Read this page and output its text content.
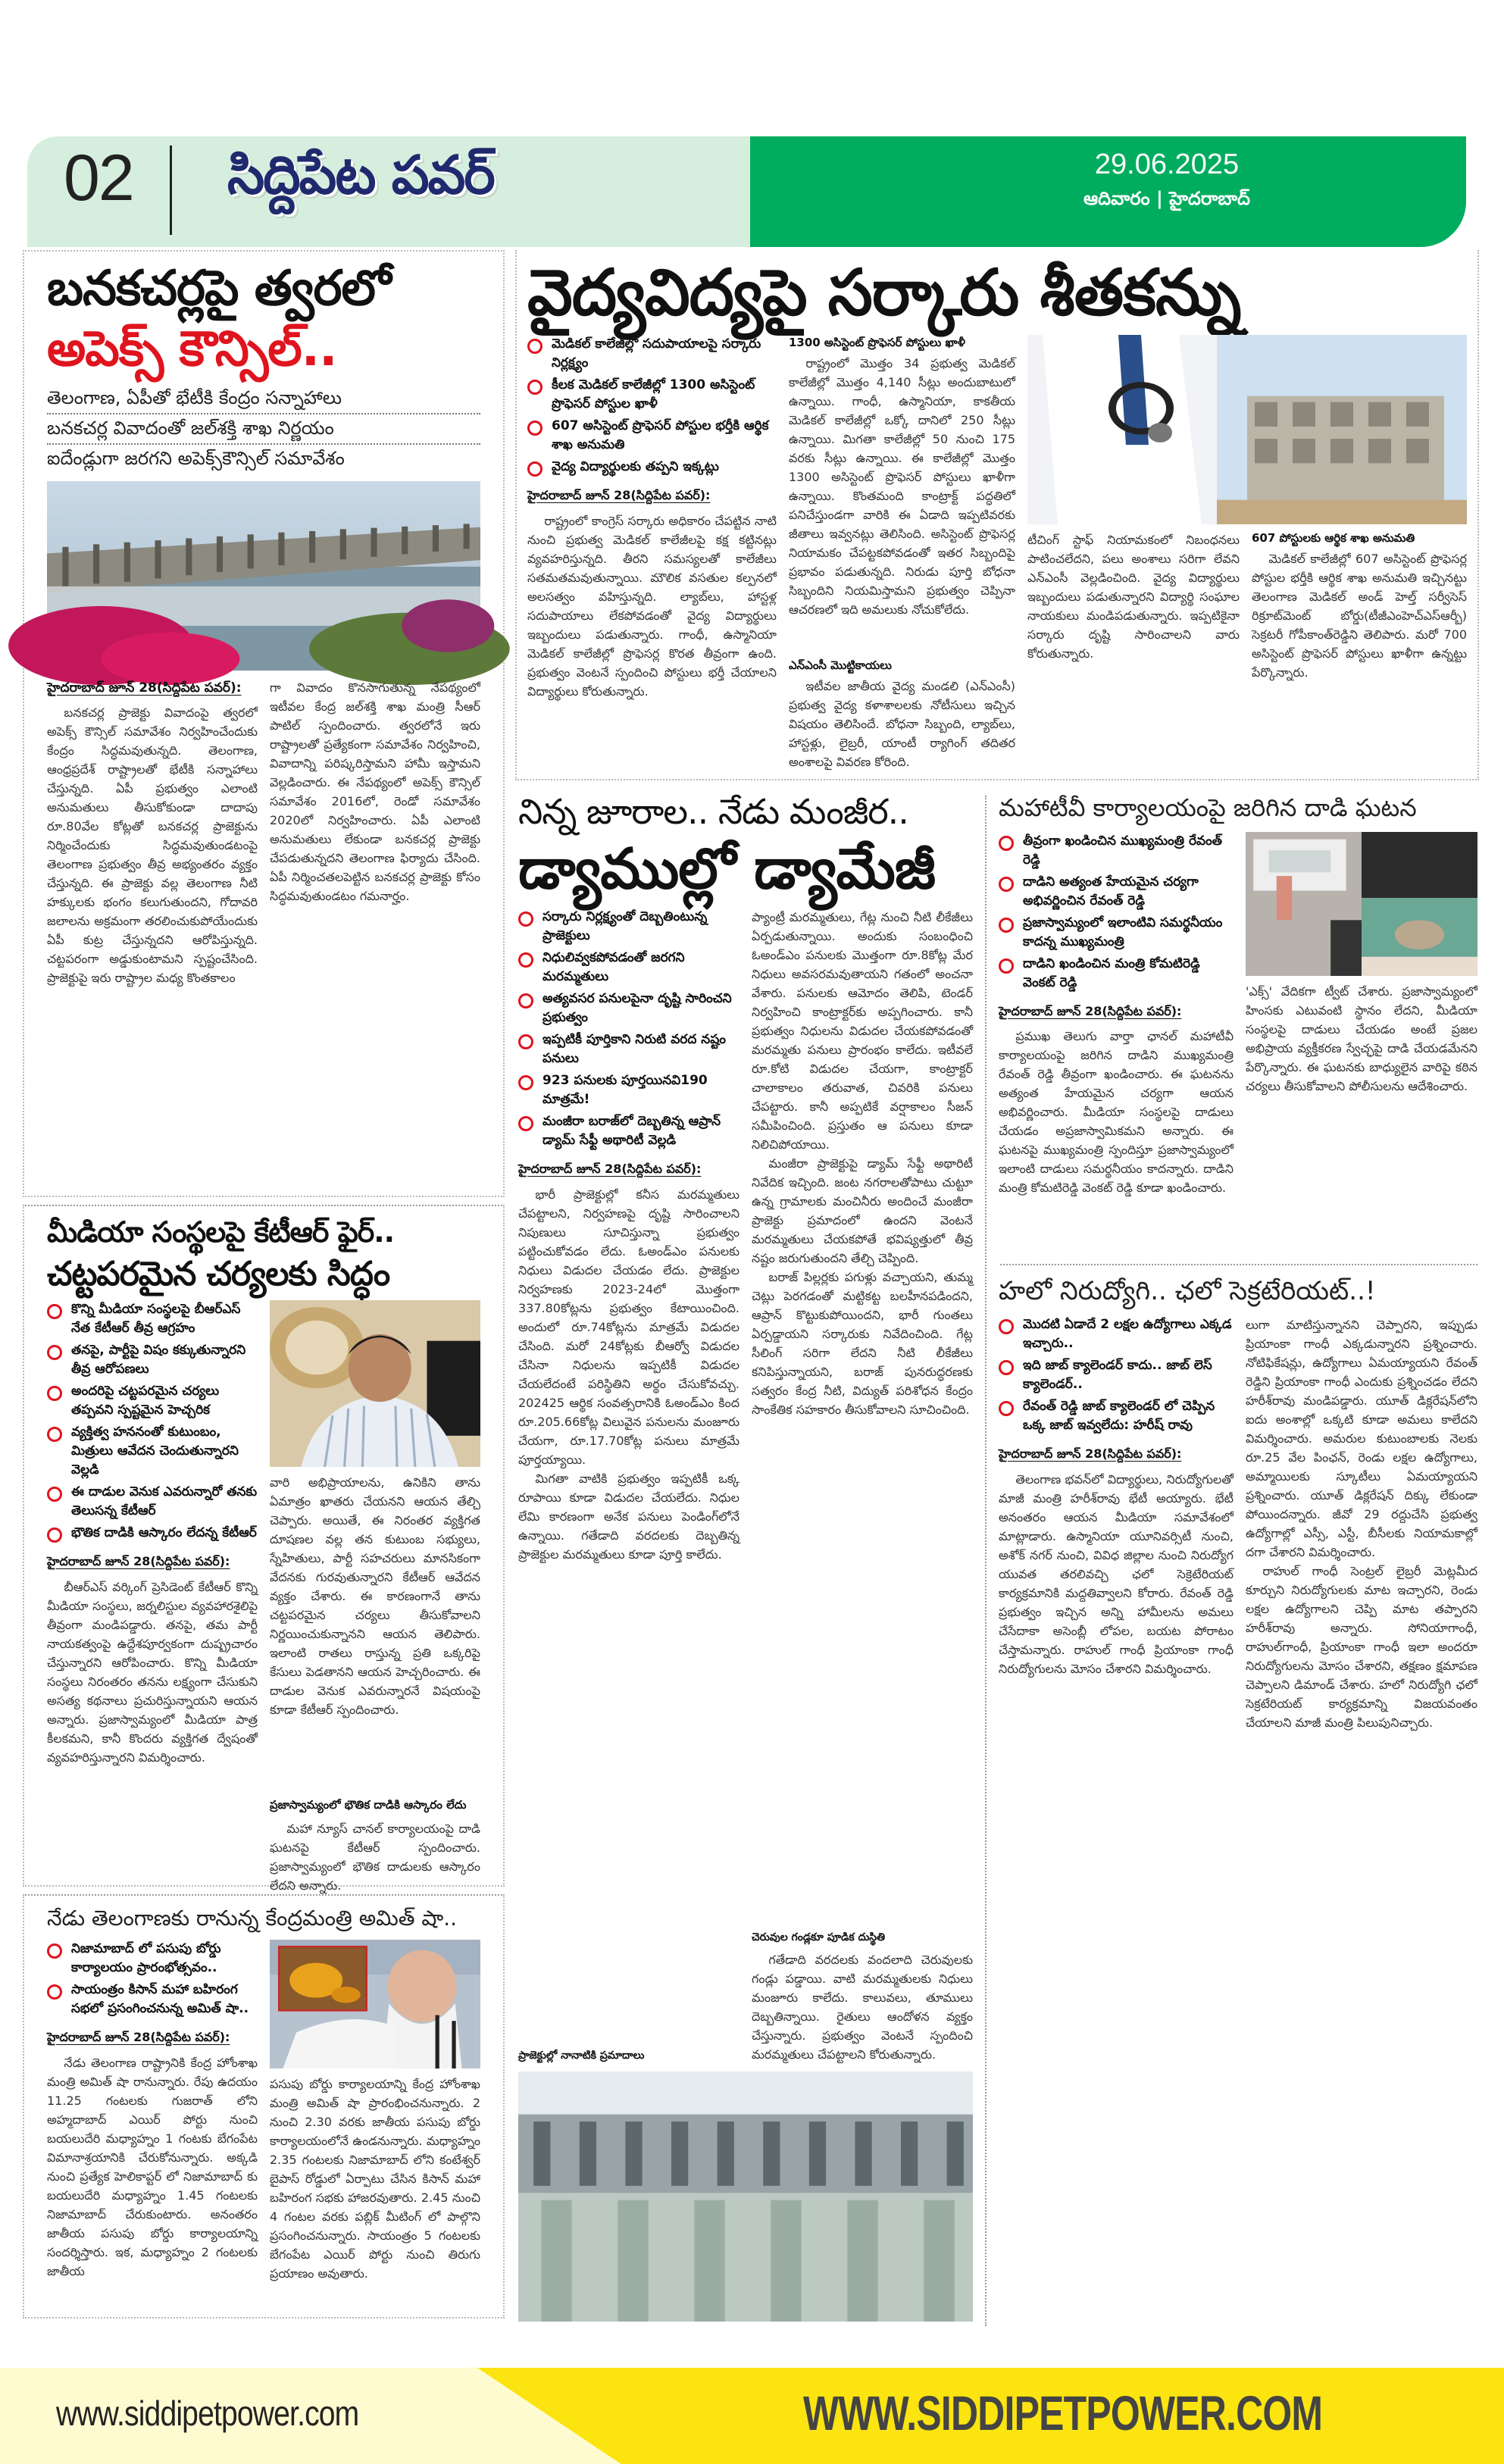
02 సిద్దిపేట పవర్	29.06.2025
ఆదివారం | హైదరాబాద్
బనకచర్లపై త్వరలో
అపెక్స్ కౌన్సిల్..
తెలంగాణ, ఏపీతో భేటీకి కేంద్రం సన్నాహాలు
బనకచర్ల వివాదంతో జల్‌శక్తి శాఖ నిర్ణయం
ఐదేండ్లుగా జరగని అపెక్స్‌కౌన్సిల్ సమావేశం
హైదరాబాద్ జూన్ 28(సిద్దిపేట పవర్):

బనకచర్ల ప్రాజెక్టు వివాదంపై త్వరలో అపెక్స్ కౌన్సిల్ సమావేశం నిర్వహించేందుకు కేంద్రం సిద్ధమవుతున్నది. తెలంగాణ, ఆంధ్రప్రదేశ్ రాష్ట్రాలతో భేటీకి సన్నాహాలు చేస్తున్నది. ఏపీ ప్రభుత్వం ఎలాంటి అనుమతులు తీసుకోకుండా దాదాపు రూ.80వేల కోట్లతో బనకచర్ల ప్రాజెక్టును నిర్మించేందుకు సిద్ధమవుతుండటంపై తెలంగాణ ప్రభుత్వం తీవ్ర అభ్యంతరం వ్యక్తం చేస్తున్నది. ఈ ప్రాజెక్టు వల్ల తెలంగాణ నీటి హక్కులకు భంగం కలుగుతుందని, గోదావరి జలాలను అక్రమంగా తరలించుకుపోయేందుకు ఏపీ కుట్ర చేస్తున్నదని ఆరోపిస్తున్నది. చట్టపరంగా అడ్డుకుంటామని స్పష్టంచేసింది. ప్రాజెక్టుపై ఇరు రాష్ట్రాల మధ్య కొంతకాలం

గా వివాదం కొనసాగుతున్న నేపథ్యంలో ఇటీవల కేంద్ర జల్‌శక్తి శాఖ మంత్రి సీఆర్ పాటిల్ స్పందించారు. త్వరలోనే ఇరు రాష్ట్రాలతో ప్రత్యేకంగా సమావేశం నిర్వహించి, వివాదాన్ని పరిష్కరిస్తామని హామీ ఇస్తామని వెల్లడించారు. ఈ నేపథ్యంలో అపెక్స్ కౌన్సిల్ సమావేశం 2016లో, రెండో సమావేశం 2020లో నిర్వహించారు. ఏపీ ఎలాంటి అనుమతులు లేకుండా బనకచర్ల ప్రాజెక్టు చేపడుతున్నదని తెలంగాణ ఫిర్యాదు చేసింది. ఏపీ నిర్మించతలపెట్టిన బనకచర్ల ప్రాజెక్టు కోసం సిద్ధమవుతుండటం గమనార్హం.

మీడియా సంస్థలపై కేటీఆర్ ఫైర్..
చట్టపరమైన చర్యలకు సిద్ధం
కొన్ని మీడియా సంస్థలపై బీఆర్ఎస్ నేత కేటీఆర్ తీవ్ర ఆగ్రహం
తనపై, పార్టీపై విషం కక్కుతున్నారని తీవ్ర ఆరోపణలు
అందరిపై చట్టపరమైన చర్యలు తప్పవని స్పష్టమైన హెచ్చరిక
వ్యక్తిత్వ హననంతో కుటుంబం, మిత్రులు ఆవేదన చెందుతున్నారని వెల్లడి
ఈ దాడుల వెనుక ఎవరున్నారో తనకు తెలుసన్న కేటీఆర్
భౌతిక దాడికి ఆస్కారం లేదన్న కేటీఆర్
హైదరాబాద్ జూన్ 28(సిద్దిపేట పవర్):

బీఆర్ఎస్ వర్కింగ్ ప్రెసిడెంట్ కేటీఆర్ కొన్ని మీడియా సంస్థలు, జర్నలిస్టుల వ్యవహారశైలిపై తీవ్రంగా మండిపడ్డారు. తనపై, తమ పార్టీ నాయకత్వంపై ఉద్దేశపూర్వకంగా దుష్ప్రచారం చేస్తున్నారని ఆరోపించారు. కొన్ని మీడియా సంస్థలు నిరంతరం తనను లక్ష్యంగా చేసుకుని అసత్య కథనాలు ప్రచురిస్తున్నాయని ఆయన అన్నారు. ప్రజాస్వామ్యంలో మీడియా పాత్ర కీలకమని, కానీ కొందరు వ్యక్తిగత ద్వేషంతో వ్యవహరిస్తున్నారని విమర్శించారు.

వారి అభిప్రాయాలను, ఉనికిని తాను ఏమాత్రం ఖాతరు చేయనని ఆయన తేల్చి చెప్పారు. అయితే, ఈ నిరంతర వ్యక్తిగత దూషణల వల్ల తన కుటుంబ సభ్యులు, స్నేహితులు, పార్టీ సహచరులు మానసికంగా వేదనకు గురవుతున్నారని కేటీఆర్ ఆవేదన వ్యక్తం చేశారు. ఈ కారణంగానే తాను చట్టపరమైన చర్యలు తీసుకోవాలని నిర్ణయించుకున్నానని ఆయన తెలిపారు. ఇలాంటి రాతలు రాస్తున్న ప్రతి ఒక్కరిపై కేసులు పెడతానని ఆయన హెచ్చరించారు. ఈ దాడుల వెనుక ఎవరున్నారనే విషయంపై కూడా కేటీఆర్ స్పందించారు.

ప్రజాస్వామ్యంలో భౌతిక దాడికి ఆస్కారం లేదు

మహా న్యూస్ చానల్ కార్యాలయంపై దాడి ఘటనపై కేటీఆర్ స్పందించారు. ప్రజాస్వామ్యంలో భౌతిక దాడులకు ఆస్కారం లేదని అన్నారు.

నేడు తెలంగాణకు రానున్న కేంద్రమంత్రి అమిత్ షా..
నిజామాబాద్ లో పసుపు బోర్డు కార్యాలయం ప్రారంభోత్సవం..
సాయంత్రం కిసాన్ మహా బహిరంగ సభలో ప్రసంగించనున్న అమిత్ షా..
హైదరాబాద్ జూన్ 28(సిద్దిపేట పవర్):

నేడు తెలంగాణ రాష్ట్రానికి కేంద్ర హోంశాఖ మంత్రి అమిత్ షా రానున్నారు. రేపు ఉదయం 11.25 గంటలకు గుజరాత్ లోని అహ్మదాబాద్ ఎయిర్ పోర్టు నుంచి బయలుదేరి మధ్యాహ్నం 1 గంటకు బేగంపేట విమానాశ్రయానికి చేరుకోనున్నారు. అక్కడి నుంచి ప్రత్యేక హెలికాప్టర్ లో నిజామాబాద్ కు బయలుదేరి మధ్యాహ్నం 1.45 గంటలకు నిజామాబాద్ చేరుకుంటారు. అనంతరం జాతీయ పసుపు బోర్డు కార్యాలయాన్ని సందర్శిస్తారు. ఇక, మధ్యాహ్నం 2 గంటలకు జాతీయ

పసుపు బోర్డు కార్యాలయాన్ని కేంద్ర హోంశాఖ మంత్రి అమిత్ షా ప్రారంభించనున్నారు. 2 నుంచి 2.30 వరకు జాతీయ పసుపు బోర్డు కార్యాలయంలోనే ఉండనున్నారు. మధ్యాహ్నం 2.35 గంటలకు నిజామాబాద్ లోని కంటేశ్వర్ బైపాస్ రోడ్డులో ఏర్పాటు చేసిన కిసాన్ మహా బహిరంగ సభకు హాజరవుతారు. 2.45 నుంచి 4 గంటల వరకు పబ్లిక్ మీటింగ్ లో పాల్గొని ప్రసంగించనున్నారు. సాయంత్రం 5 గంటలకు బేగంపేట ఎయిర్ పోర్టు నుంచి తిరుగు ప్రయాణం అవుతారు.

వైద్యవిద్యపై సర్కారు శీతకన్ను
మెడికల్ కాలేజీల్లో సదుపాయాలపై సర్కారు నిర్లక్ష్యం
కీలక మెడికల్ కాలేజీల్లో 1300 అసిస్టెంట్ ప్రొఫెసర్ పోస్టుల ఖాళీ
607 అసిస్టెంట్ ప్రొఫెసర్ పోస్టుల భర్తీకి ఆర్థిక శాఖ అనుమతి
వైద్య విద్యార్థులకు తప్పని ఇక్కట్లు
హైదరాబాద్ జూన్ 28(సిద్దిపేట పవర్):

రాష్ట్రంలో కాంగ్రెస్ సర్కారు అధికారం చేపట్టిన నాటి నుంచి ప్రభుత్వ మెడికల్ కాలేజీలపై కక్ష కట్టినట్లు వ్యవహరిస్తున్నది. తీరని సమస్యలతో కాలేజీలు సతమతమవుతున్నాయి. మౌలిక వసతుల కల్పనలో అలసత్వం వహిస్తున్నది. ల్యాబ్‌లు, హాస్టళ్ల సదుపాయాలు లేకపోవడంతో వైద్య విద్యార్థులు ఇబ్బందులు పడుతున్నారు. గాంధీ, ఉస్మానియా మెడికల్ కాలేజీల్లో ప్రొఫెసర్ల కొరత తీవ్రంగా ఉంది. ప్రభుత్వం వెంటనే స్పందించి పోస్టులు భర్తీ చేయాలని విద్యార్థులు కోరుతున్నారు.

1300 అసిస్టెంట్ ప్రొఫెసర్ పోస్టులు ఖాళీ

రాష్ట్రంలో మొత్తం 34 ప్రభుత్వ మెడికల్ కాలేజీల్లో మొత్తం 4,140 సీట్లు అందుబాటులో ఉన్నాయి. గాంధీ, ఉస్మానియా, కాకతీయ మెడికల్ కాలేజీల్లో ఒక్కో దానిలో 250 సీట్లు ఉన్నాయి. మిగతా కాలేజీల్లో 50 నుంచి 175 వరకు సీట్లు ఉన్నాయి. ఈ కాలేజీల్లో మొత్తం 1300 అసిస్టెంట్ ప్రొఫెసర్ పోస్టులు ఖాళీగా ఉన్నాయి. కొంతమంది కాంట్రాక్ట్ పద్ధతిలో పనిచేస్తుండగా వారికి ఈ ఏడాది ఇప్పటివరకు జీతాలు ఇవ్వనట్లు తెలిసింది. అసిస్టెంట్ ప్రొఫెసర్ల నియామకం చేపట్టకపోవడంతో ఇతర సిబ్బందిపై ప్రభావం పడుతున్నది. నిరుడు పూర్తి బోధనా సిబ్బందిని నియమిస్తామని ప్రభుత్వం చెప్పినా ఆచరణలో ఇది అమలుకు నోచుకోలేదు.

ఎన్‌ఎంసీ మొట్టికాయలు

ఇటీవల జాతీయ వైద్య మండలి (ఎన్‌ఎంసీ) ప్రభుత్వ వైద్య కళాశాలలకు నోటీసులు ఇచ్చిన విషయం తెలిసిందే. బోధనా సిబ్బంది, ల్యాబ్‌లు, హాస్టళ్లు, లైబ్రరీ, యాంటీ ర్యాగింగ్ తదితర అంశాలపై వివరణ కోరింది.

టీచింగ్ స్టాఫ్ నియామకంలో నిబంధనలు పాటించలేదని, పలు అంశాలు సరిగా లేవని ఎన్‌ఎంసీ వెల్లడించింది. వైద్య విద్యార్థులు ఇబ్బందులు పడుతున్నారని విద్యార్థి సంఘాల నాయకులు మండిపడుతున్నారు. ఇప్పటికైనా సర్కారు దృష్టి సారించాలని వారు కోరుతున్నారు.

607 పోస్టులకు ఆర్థిక శాఖ అనుమతి

మెడికల్ కాలేజీల్లో 607 అసిస్టెంట్ ప్రొఫెసర్ల పోస్టుల భర్తీకి ఆర్థిక శాఖ అనుమతి ఇచ్చినట్టు తెలంగాణ మెడికల్ అండ్ హెల్త్ సర్వీసెస్ రిక్రూట్‌మెంట్ బోర్డు(టీజీఎంహెచ్‌ఎస్‌ఆర్బీ) సెక్రటరీ గోపీకాంత్‌రెడ్డిని తెలిపారు. మరో 700 అసిస్టెంట్ ప్రొఫెసర్ పోస్టులు ఖాళీగా ఉన్నట్టు పేర్కొన్నారు.

నిన్న జూరాల.. నేడు మంజీర..
డ్యాముల్లో డ్యామేజీ
సర్కారు నిర్లక్ష్యంతో దెబ్బతింటున్న ప్రాజెక్టులు
నిధులివ్వకపోవడంతో జరగని మరమ్మతులు
అత్యవసర పనులపైనా దృష్టి సారించని ప్రభుత్వం
ఇప్పటికీ పూర్తికాని నిరుటి వరద నష్టం పనులు
923 పనులకు పూర్తయినవి190 మాత్రమే!
మంజీరా బరాజ్‌లో దెబ్బతిన్న ఆప్రాన్ డ్యామ్ సేఫ్టీ అథారిటీ వెల్లడి
హైదరాబాద్ జూన్ 28(సిద్దిపేట పవర్):

భారీ ప్రాజెక్టుల్లో కనీస మరమ్మతులు చేపట్టాలని, నిర్వహణపై దృష్టి సారించాలని నిపుణులు సూచిస్తున్నా ప్రభుత్వం పట్టించుకోవడం లేదు. ఓఅండ్‌ఎం పనులకు నిధులు విడుదల చేయడం లేదు. ప్రాజెక్టుల నిర్వహణకు 2023-24లో మొత్తంగా 337.80కోట్లను ప్రభుత్వం కేటాయించింది. అందులో రూ.74కోట్లను మాత్రమే విడుదల చేసింది. మరో 24కోట్లకు బీఆర్వో విడుదల చేసినా నిధులను ఇప్పటికీ విడుదల చేయలేదంటే పరిస్థితిని అర్థం చేసుకోవచ్చు. 202425 ఆర్థిక సంవత్సరానికి ఓఅండ్‌ఎం కింద రూ.205.66కోట్ల విలువైన పనులను మంజూరు చేయగా, రూ.17.70కోట్ల పనులు మాత్రమే పూర్తయ్యాయి.

మిగతా వాటికి ప్రభుత్వం ఇప్పటికీ ఒక్క రూపాయి కూడా విడుదల చేయలేదు. నిధుల లేమి కారణంగా అనేక పనులు పెండింగ్‌లోనే ఉన్నాయి. గతేడాది వరదలకు దెబ్బతిన్న ప్రాజెక్టుల మరమ్మతులు కూడా పూర్తి కాలేదు.

ప్రాజెక్టుల్లో నానాటికి ప్రమాదాలు

ప్యాంట్రీ మరమ్మతులు, గేట్ల నుంచి నీటి లీకేజీలు ఏర్పడుతున్నాయి. అందుకు సంబంధించి ఓఅండ్‌ఎం పనులకు మొత్తంగా రూ.8కోట్ల మేర నిధులు అవసరమవుతాయని గతంలో అంచనా వేశారు. పనులకు ఆమోదం తెలిపి, టెండర్ నిర్వహించి కాంట్రాక్టర్‌కు అప్పగించారు. కానీ ప్రభుత్వం నిధులను విడుదల చేయకపోవడంతో మరమ్మతు పనులు ప్రారంభం కాలేదు. ఇటీవలే రూ.కోటి విడుదల చేయగా, కాంట్రాక్టర్ చాలాకాలం తరువాత, చివరికి పనులు చేపట్టారు. కానీ అప్పటికే వర్షాకాలం సీజన్ సమీపించింది. ప్రస్తుతం ఆ పనులు కూడా నిలిచిపోయాయి.

మంజీరా ప్రాజెక్టుపై డ్యామ్ సేఫ్టీ అథారిటీ నివేదిక ఇచ్చింది. జంట నగరాలతోపాటు చుట్టూ ఉన్న గ్రామాలకు మంచినీరు అందించే మంజీరా ప్రాజెక్టు ప్రమాదంలో ఉందని వెంటనే మరమ్మతులు చేయకపోతే భవిష్యత్తులో తీవ్ర నష్టం జరుగుతుందని తేల్చి చెప్పింది.

బరాజ్ పిల్లర్లకు పగుళ్లు వచ్చాయని, తుమ్మ చెట్లు పెరగడంతో మట్టికట్ట బలహీనపడిందని, ఆప్రాన్ కొట్టుకుపోయిందని, భారీ గుంతలు ఏర్పడ్డాయని సర్కారుకు నివేదించింది. గేట్ల సీలింగ్ సరిగా లేదని నీటి లీకేజీలు కనిపిస్తున్నాయని, బరాజ్ పునరుద్ధరణకు సత్వరం కేంద్ర నీటి, విద్యుత్ పరిశోధన కేంద్రం సాంకేతిక సహకారం తీసుకోవాలని సూచించింది.

చెరువుల గండ్లకూ పూడిక దుస్థితి

గతేడాది వరదలకు వందలాది చెరువులకు గండ్లు పడ్డాయి. వాటి మరమ్మతులకు నిధులు మంజూరు కాలేదు. కాలువలు, తూములు దెబ్బతిన్నాయి. రైతులు ఆందోళన వ్యక్తం చేస్తున్నారు. ప్రభుత్వం వెంటనే స్పందించి మరమ్మతులు చేపట్టాలని కోరుతున్నారు.

మహాటీవీ కార్యాలయంపై జరిగిన దాడి ఘటన
తీవ్రంగా ఖండించిన ముఖ్యమంత్రి రేవంత్ రెడ్డి
దాడిని అత్యంత హేయమైన చర్యగా అభివర్ణించిన రేవంత్ రెడ్డి
ప్రజాస్వామ్యంలో ఇలాంటివి సమర్థనీయం కాదన్న ముఖ్యమంత్రి
దాడిని ఖండించిన మంత్రి కోమటిరెడ్డి వెంకట్ రెడ్డి
హైదరాబాద్ జూన్ 28(సిద్దిపేట పవర్):

ప్రముఖ తెలుగు వార్తా ఛానల్ మహాటీవీ కార్యాలయంపై జరిగిన దాడిని ముఖ్యమంత్రి రేవంత్ రెడ్డి తీవ్రంగా ఖండించారు. ఈ ఘటనను అత్యంత హేయమైన చర్యగా ఆయన అభివర్ణించారు. మీడియా సంస్థలపై దాడులు చేయడం అప్రజాస్వామికమని అన్నారు. ఈ ఘటనపై ముఖ్యమంత్రి స్పందిస్తూ ప్రజాస్వామ్యంలో ఇలాంటి దాడులు సమర్థనీయం కాదన్నారు. దాడిని మంత్రి కోమటిరెడ్డి వెంకట్ రెడ్డి కూడా ఖండించారు.

'ఎక్స్' వేదికగా ట్వీట్ చేశారు. ప్రజాస్వామ్యంలో హింసకు ఎటువంటి స్థానం లేదని, మీడియా సంస్థలపై దాడులు చేయడం అంటే ప్రజల అభిప్రాయ వ్యక్తీకరణ స్వేచ్ఛపై దాడి చేయడమేనని పేర్కొన్నారు. ఈ ఘటనకు బాధ్యులైన వారిపై కఠిన చర్యలు తీసుకోవాలని పోలీసులను ఆదేశించారు.

హలో నిరుద్యోగి.. ఛలో సెక్రటేరియట్..!
మొదటి ఏడాదే 2 లక్షల ఉద్యోగాలు ఎక్కడ ఇచ్చారు..
ఇది జాబ్ క్యాలెండర్ కాదు.. జాబ్ లెస్ క్యాలెండర్..
రేవంత్ రెడ్డి జాబ్ క్యాలెండర్ లో చెప్పిన ఒక్క జాబ్ ఇవ్వలేదు: హరీష్ రావు
హైదరాబాద్ జూన్ 28(సిద్దిపేట పవర్):

తెలంగాణ భవన్‌లో విద్యార్థులు, నిరుద్యోగులతో మాజీ మంత్రి హరీశ్‌రావు భేటీ అయ్యారు. భేటీ అనంతరం ఆయన మీడియా సమావేశంలో మాట్లాడారు. ఉస్మానియా యూనివర్సిటీ నుంచి, అశోక్ నగర్ నుంచి, వివిధ జిల్లాల నుంచి నిరుద్యోగ యువత తరలివచ్చి ఛలో సెక్రెటేరియట్ కార్యక్రమానికి మద్దతివ్వాలని కోరారు. రేవంత్ రెడ్డి ప్రభుత్వం ఇచ్చిన అన్ని హామీలను అమలు చేసేదాకా అసెంబ్లీ లోపల, బయట పోరాటం చేస్తామన్నారు. రాహుల్ గాంధీ ప్రియాంకా గాంధీ నిరుద్యోగులను మోసం చేశారని విమర్శించారు.

లుగా మాటిస్తున్నానని చెప్పారని, ఇప్పుడు ప్రియాంకా గాంధీ ఎక్కడున్నారని ప్రశ్నించారు. నోటిఫికేషన్లు, ఉద్యోగాలు ఏమయ్యాయని రేవంత్ రెడ్డిని ప్రియాంకా గాంధీ ఎందుకు ప్రశ్నించడం లేదని హరీశ్‌రావు మండిపడ్డారు. యూత్ డిక్లరేషన్‌లోని ఐదు అంశాల్లో ఒక్కటి కూడా అమలు కాలేదని విమర్శించారు. అమరుల కుటుంబాలకు నెలకు రూ.25 వేల పింఛన్, రెండు లక్షల ఉద్యోగాలు, అమ్మాయిలకు స్కూటీలు ఏమయ్యాయని ప్రశ్నించారు. యూత్ డిక్లరేషన్ దిక్కు లేకుండా పోయిందన్నారు. జీవో 29 రద్దుచేసి ప్రభుత్వ ఉద్యోగాల్లో ఎస్సీ, ఎస్టీ, బీసీలకు నియామకాల్లో దగా చేశారని విమర్శించారు.

రాహుల్ గాంధీ సెంట్రల్ లైబ్రరీ మెట్లమీద కూర్చుని నిరుద్యోగులకు మాట ఇచ్చారని, రెండు లక్షల ఉద్యోగాలని చెప్పి మాట తప్పారని హరీశ్‌రావు అన్నారు. సోనియాగాంధీ, రాహుల్‌గాంధీ, ప్రియాంకా గాంధీ ఇలా అందరూ నిరుద్యోగులను మోసం చేశారని, తక్షణం క్షమాపణ చెప్పాలని డిమాండ్ చేశారు. హలో నిరుద్యోగి ఛలో సెక్రటేరియట్ కార్యక్రమాన్ని విజయవంతం చేయాలని మాజీ మంత్రి పిలుపునిచ్చారు.

www.siddipetpower.com	WWW.SIDDIPETPOWER.COM
